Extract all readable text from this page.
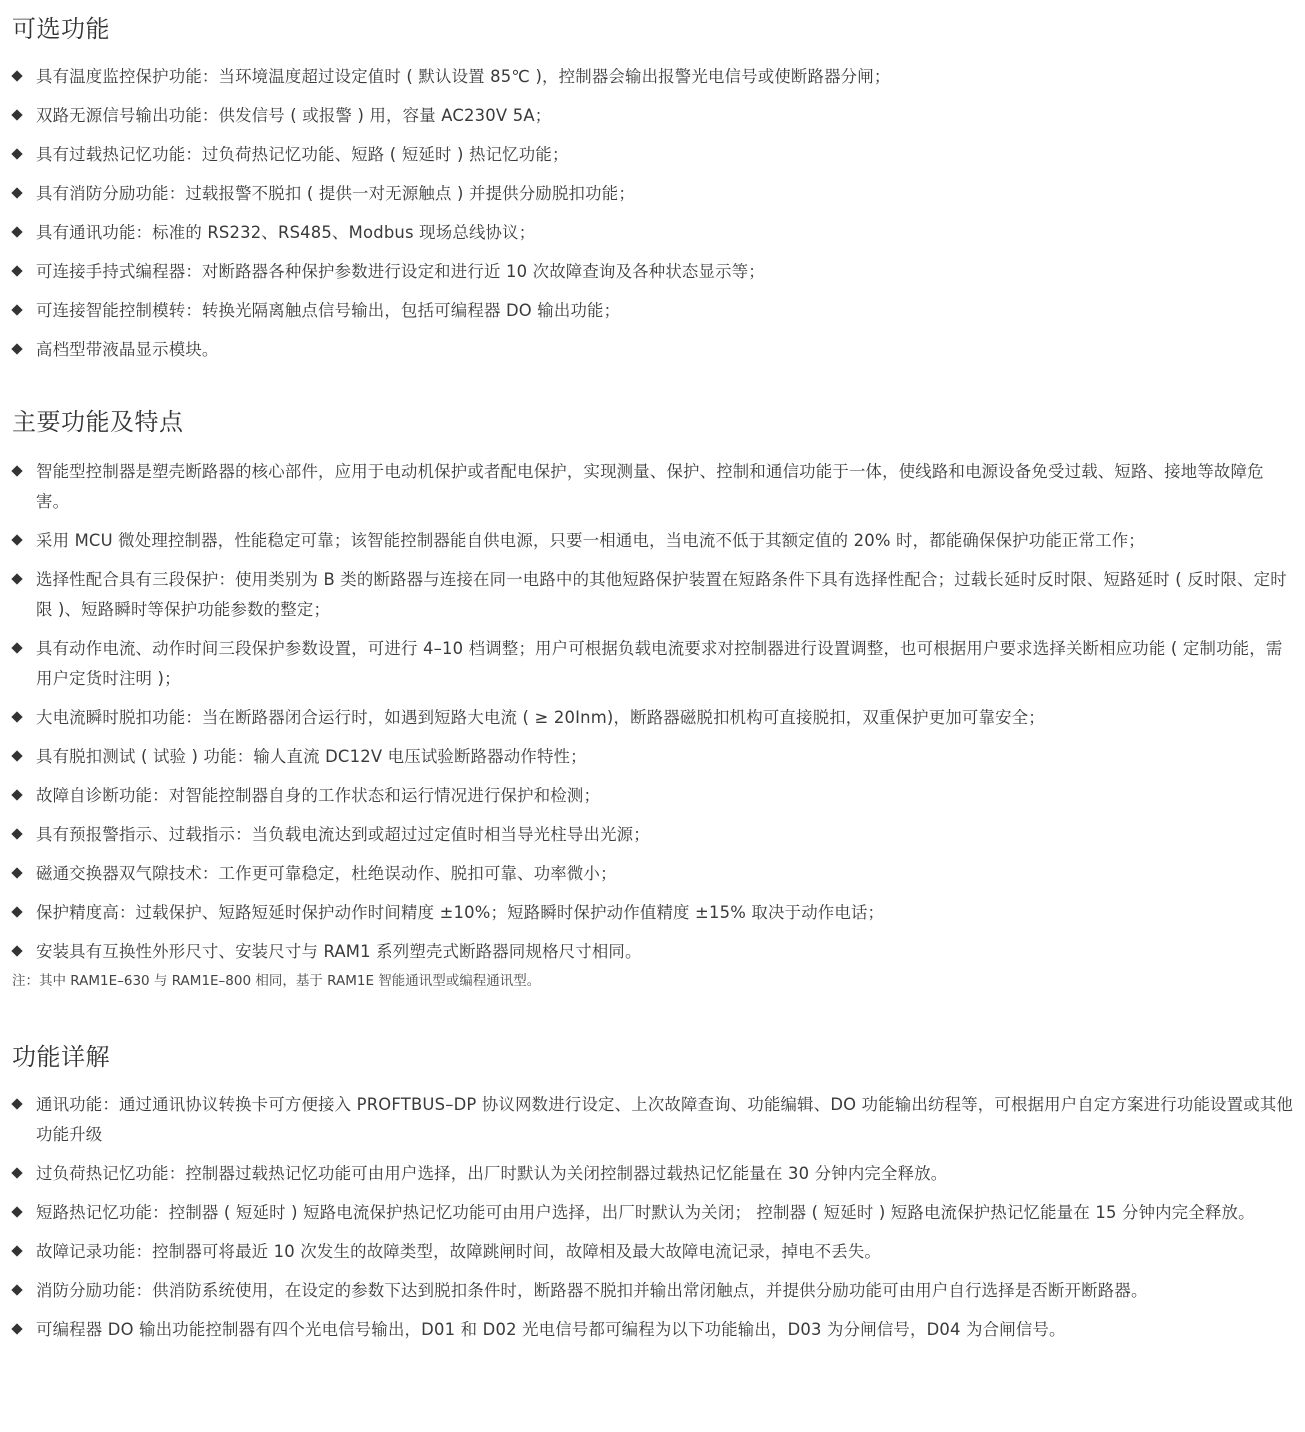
可选功能
具有温度监控保护功能：当环境温度超过设定值时 ( 默认设置 85℃ )，控制器会输出报警光电信号或使断路器分闸；
双路无源信号输出功能：供发信号 ( 或报警 ) 用，容量 AC230V 5A；
具有过载热记忆功能：过负荷热记忆功能、短路 ( 短延时 ) 热记忆功能；
具有消防分励功能：过载报警不脱扣 ( 提供一对无源触点 ) 并提供分励脱扣功能；
具有通讯功能：标准的 RS232、RS485、Modbus 现场总线协议；
可连接手持式编程器：对断路器各种保护参数进行设定和进行近 10 次故障查询及各种状态显示等；
可连接智能控制模转：转换光隔离触点信号输出，包括可编程器 DO 输出功能；
高档型带液晶显示模块。
主要功能及特点
智能型控制器是塑壳断路器的核心部件，应用于电动机保护或者配电保护，实现测量、保护、控制和通信功能于一体，使线路和电源设备免受过载、短路、接地等故障危害。
采用 MCU 微处理控制器，性能稳定可靠；该智能控制器能自供电源，只要一相通电，当电流不低于其额定值的 20% 时，都能确保保护功能正常工作；
选择性配合具有三段保护：使用类别为 B 类的断路器与连接在同一电路中的其他短路保护装置在短路条件下具有选择性配合；过载长延时反时限、短路延时 ( 反时限、定时限 )、短路瞬时等保护功能参数的整定；
具有动作电流、动作时间三段保护参数设置，可进行 4–10 档调整；用户可根据负载电流要求对控制器进行设置调整，也可根据用户要求选择关断相应功能 ( 定制功能，需用户定货时注明 )；
大电流瞬时脱扣功能：当在断路器闭合运行时，如遇到短路大电流 ( ≥ 20Inm)，断路器磁脱扣机构可直接脱扣，双重保护更加可靠安全；
具有脱扣测试 ( 试验 ) 功能：输人直流 DC12V 电压试验断路器动作特性；
故障自诊断功能：对智能控制器自身的工作状态和运行情况进行保护和检测；
具有预报警指示、过载指示：当负载电流达到或超过过定值时相当导光柱导出光源；
磁通交换器双气隙技术：工作更可靠稳定，杜绝误动作、脱扣可靠、功率微小；
保护精度高：过载保护、短路短延时保护动作时间精度 ±10%；短路瞬时保护动作值精度 ±15% 取决于动作电话；
安装具有互换性外形尺寸、安装尺寸与 RAM1 系列塑壳式断路器同规格尺寸相同。

注：其中 RAM1E–630 与 RAM1E–800 相同，基于 RAM1E 智能通讯型或编程通讯型。

功能详解
通讯功能：通过通讯协议转换卡可方便接入 PROFTBUS–DP 协议网数进行设定、上次故障查询、功能编辑、DO 功能输出纺程等，可根据用户自定方案进行功能设置或其他功能升级
过负荷热记忆功能：控制器过载热记忆功能可由用户选择，出厂时默认为关闭控制器过载热记忆能量在 30 分钟内完全释放。
短路热记忆功能：控制器 ( 短延时 ) 短路电流保护热记忆功能可由用户选择，出厂时默认为关闭； 控制器 ( 短延时 ) 短路电流保护热记忆能量在 15 分钟内完全释放。
故障记录功能：控制器可将最近 10 次发生的故障类型，故障跳闸时间，故障相及最大故障电流记录，掉电不丢失。
消防分励功能：供消防系统使用，在设定的参数下达到脱扣条件时，断路器不脱扣并输出常闭触点，并提供分励功能可由用户自行选择是否断开断路器。
可编程器 DO 输出功能控制器有四个光电信号输出，D01 和 D02 光电信号都可编程为以下功能输出，D03 为分闸信号，D04 为合闸信号。
